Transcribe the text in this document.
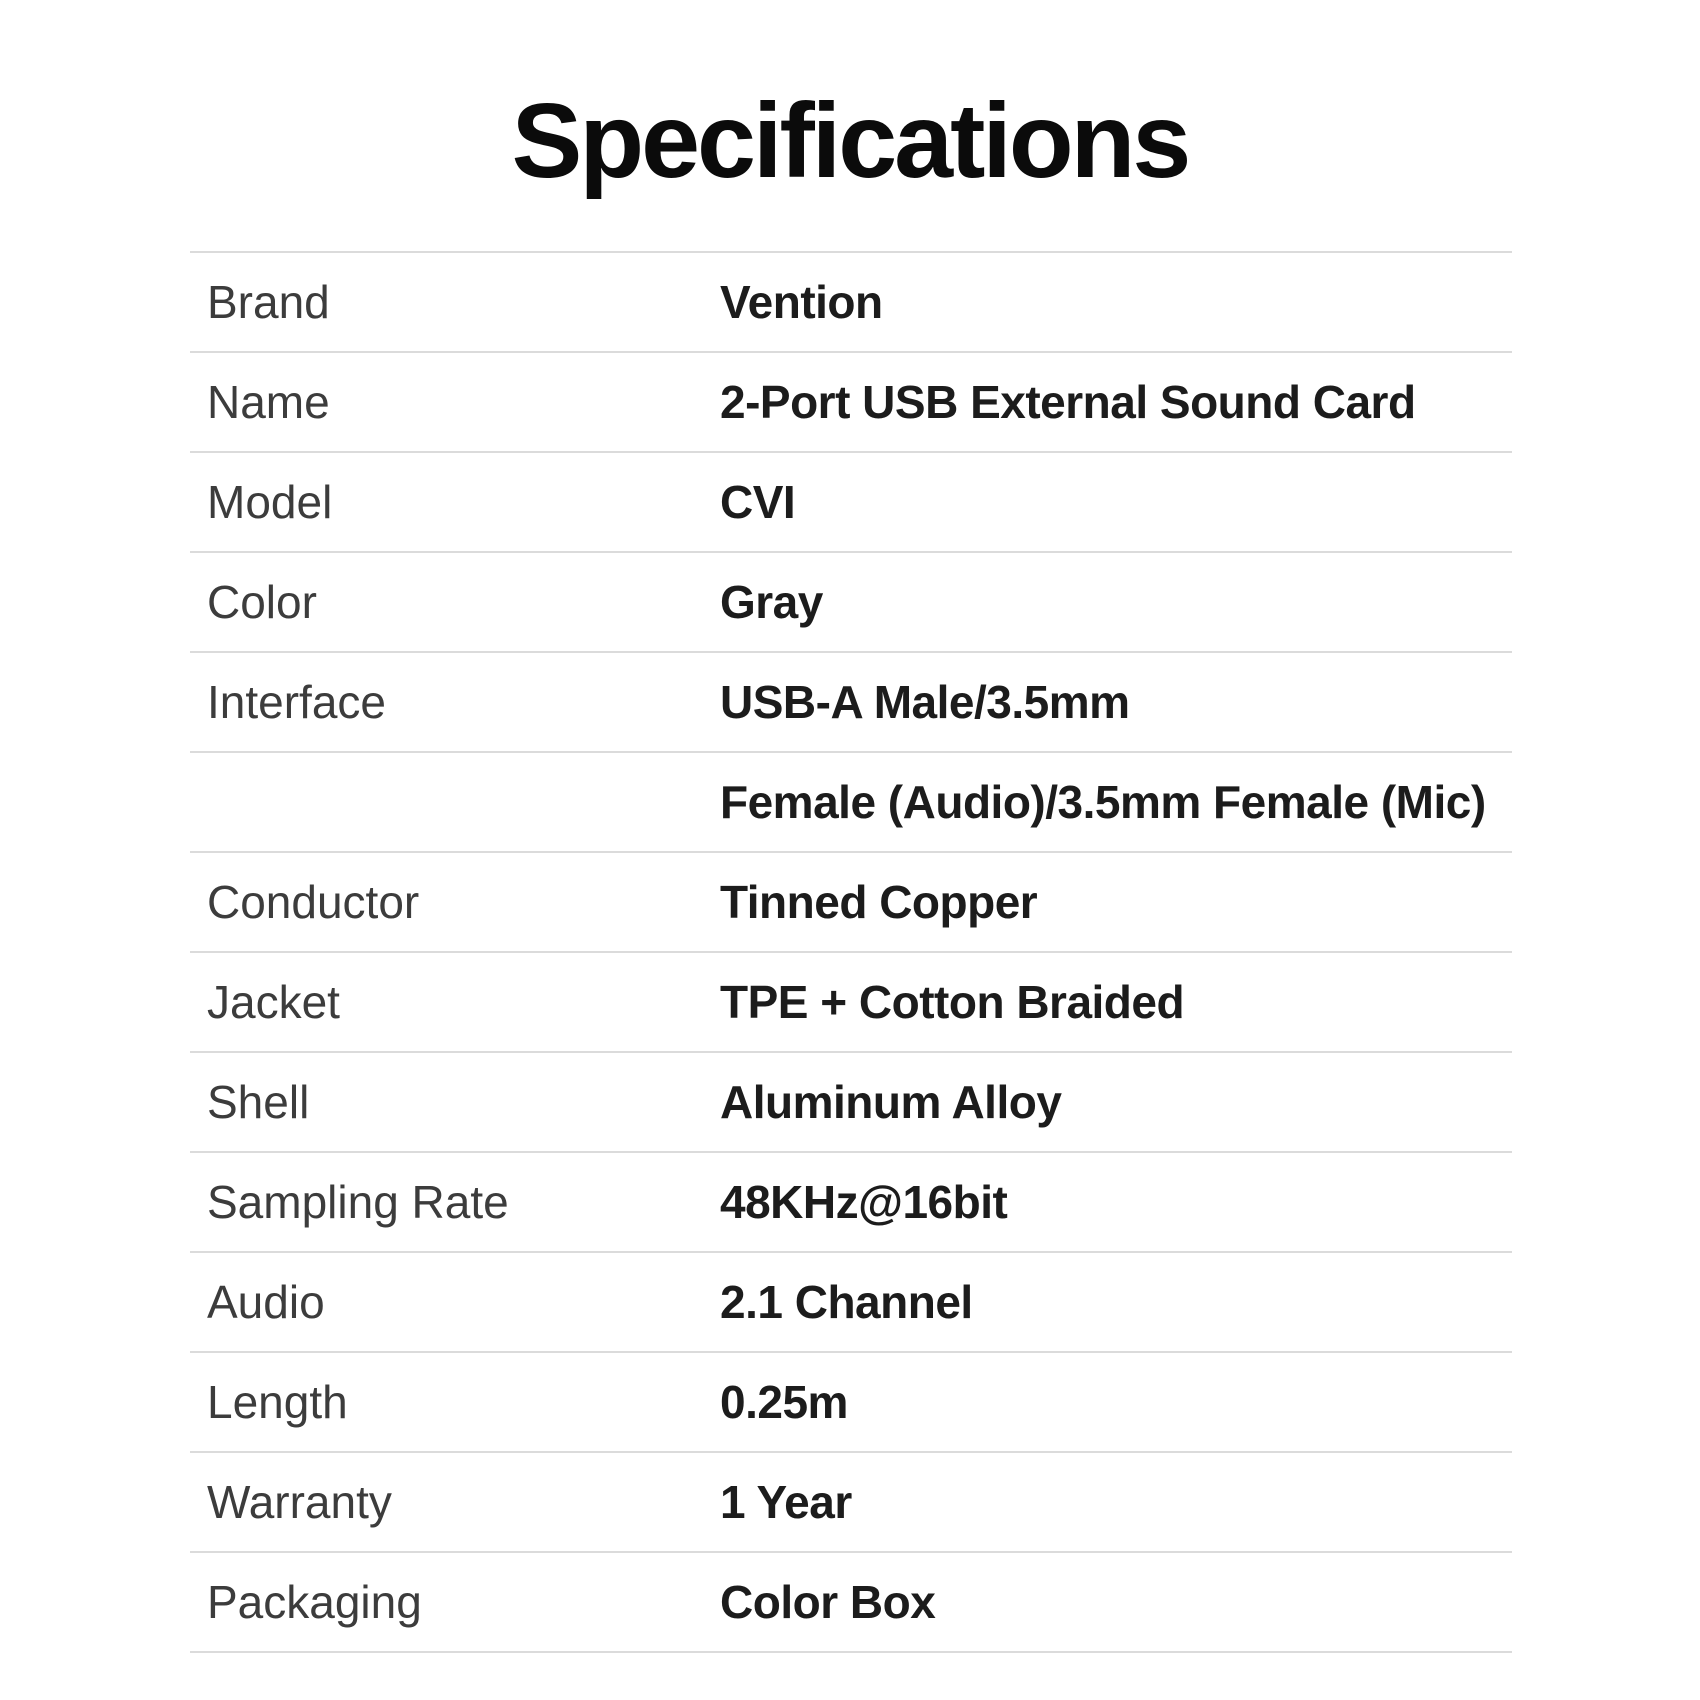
Specifications
Brand	Vention
Name	2-Port USB External Sound Card
Model	CVI
Color	Gray
Interface	USB-A Male/3.5mm
Female (Audio)/3.5mm Female (Mic)
Conductor	Tinned Copper
Jacket	TPE + Cotton Braided
Shell	Aluminum Alloy
Sampling Rate	48KHz@16bit
Audio	2.1 Channel
Length	0.25m
Warranty	1 Year
Packaging	Color Box
